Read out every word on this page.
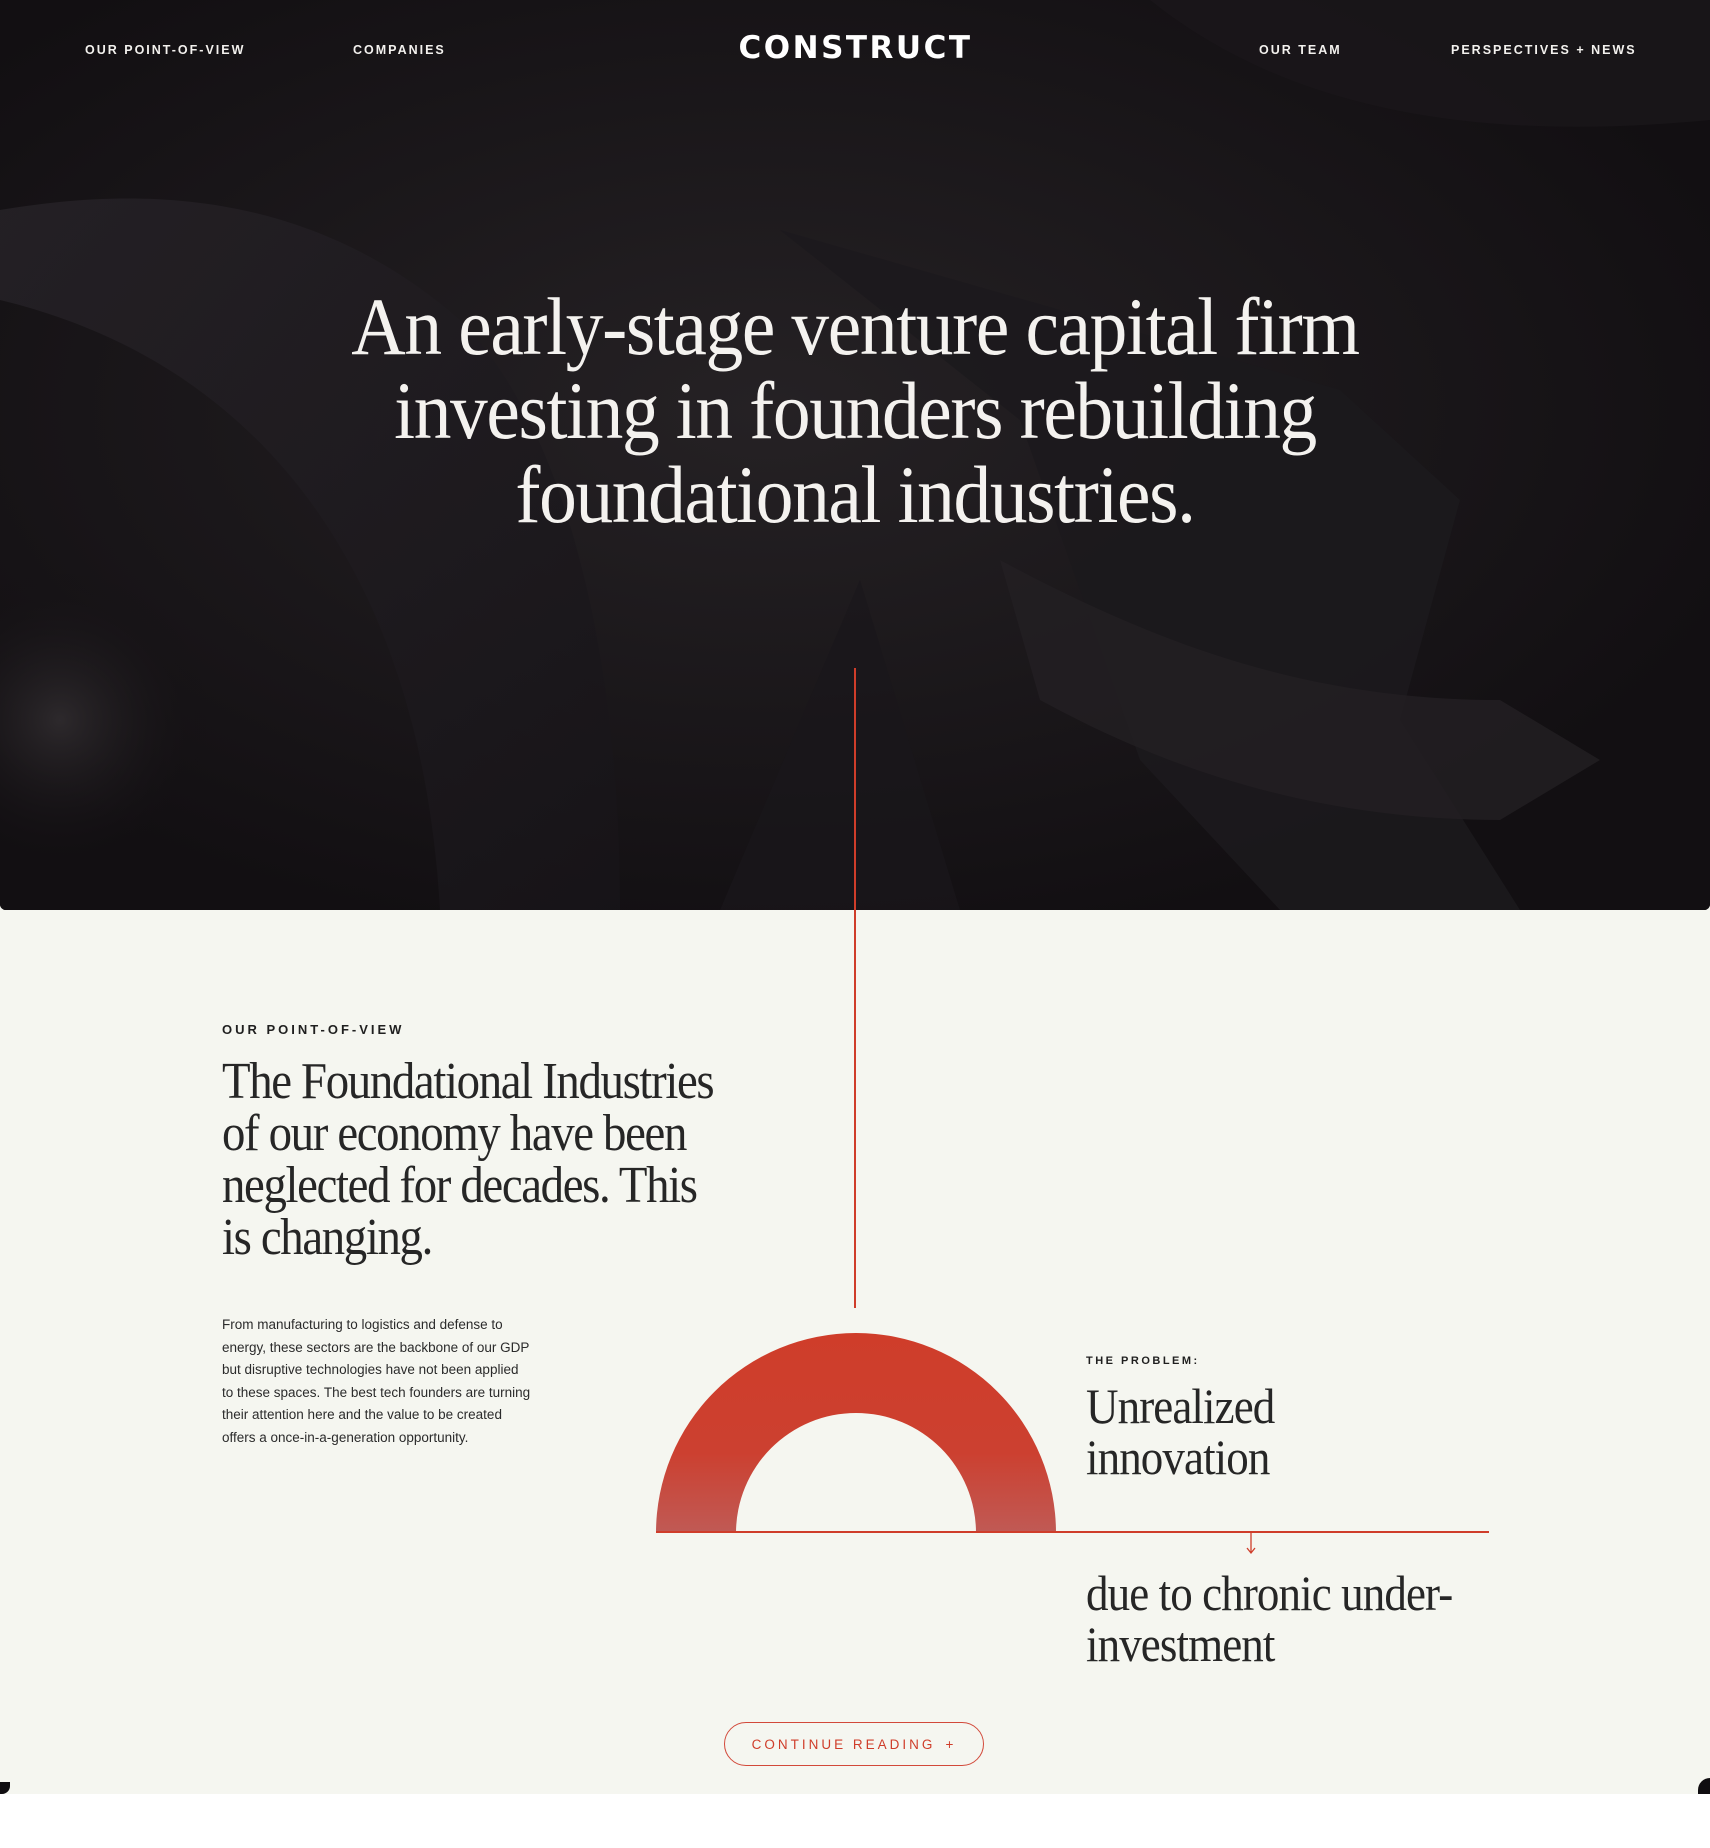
OUR POINT-OF-VIEW	COMPANIES	CONSTRUCT	OUR TEAM	PERSPECTIVES + NEWS
An early-stage venture capital firm investing in founders rebuilding foundational industries.
OUR POINT-OF-VIEW
The Foundational Industries of our economy have been neglected for decades. This is changing.

From manufacturing to logistics and defense to energy, these sectors are the backbone of our GDP but disruptive technologies have not been applied to these spaces. The best tech founders are turning their attention here and the value to be created offers a once-in-a-generation opportunity.

THE PROBLEM:
Unrealized
innovation

due to chronic under-investment

CONTINUE READING +
